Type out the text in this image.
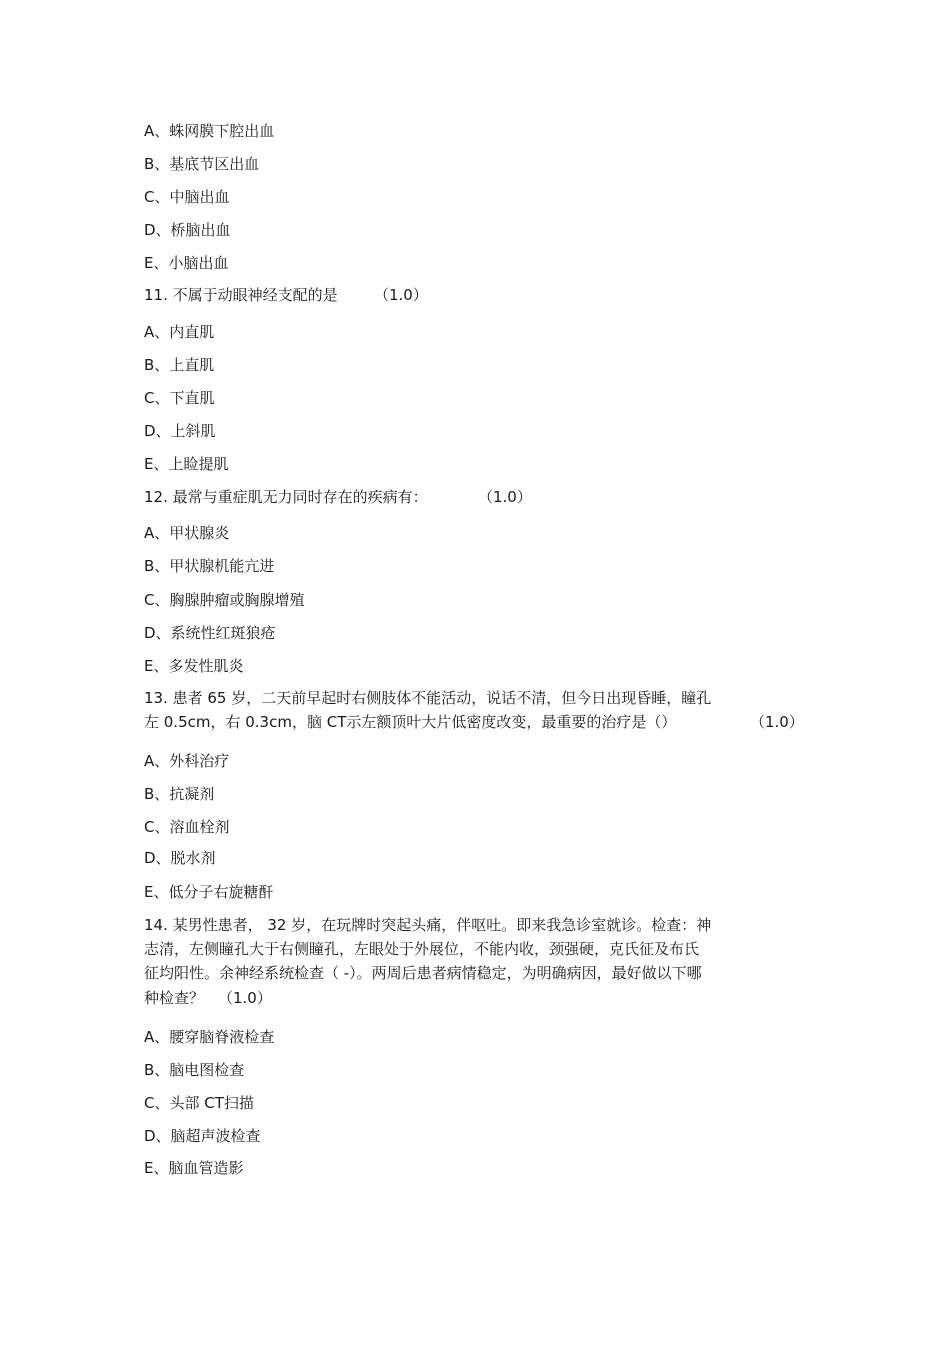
A、蛛网膜下腔出血
B、基底节区出血
C、中脑出血
D、桥脑出血
E、小脑出血
11. 不属于动眼神经支配的是 （1.0）
A、内直肌
B、上直肌
C、下直肌
D、上斜肌
E、上睑提肌
12. 最常与重症肌无力同时存在的疾病有：	（1.0）
A、甲状腺炎
B、甲状腺机能亢进
C、胸腺肿瘤或胸腺增殖
D、系统性红斑狼疮
E、多发性肌炎
13. 患者 65 岁，二天前早起时右侧肢体不能活动，说话不清，但今日出现昏睡，瞳孔
左 0.5cm，右 0.3cm，脑 CT示左额顶叶大片低密度改变，最重要的治疗是（）	（1.0）
A、外科治疗
B、抗凝剂
C、溶血栓剂
D、脱水剂
E、低分子右旋糖酐
14. 某男性患者， 32 岁，在玩牌时突起头痛，伴呕吐。即来我急诊室就诊。检查：神
志清，左侧瞳孔大于右侧瞳孔，左眼处于外展位，不能内收，颈强硬，克氏征及布氏
征均阳性。余神经系统检查（ -）。两周后患者病情稳定，为明确病因，最好做以下哪
种检查？ （1.0）
A、腰穿脑脊液检查
B、脑电图检查
C、头部 CT扫描
D、脑超声波检查
E、脑血管造影
